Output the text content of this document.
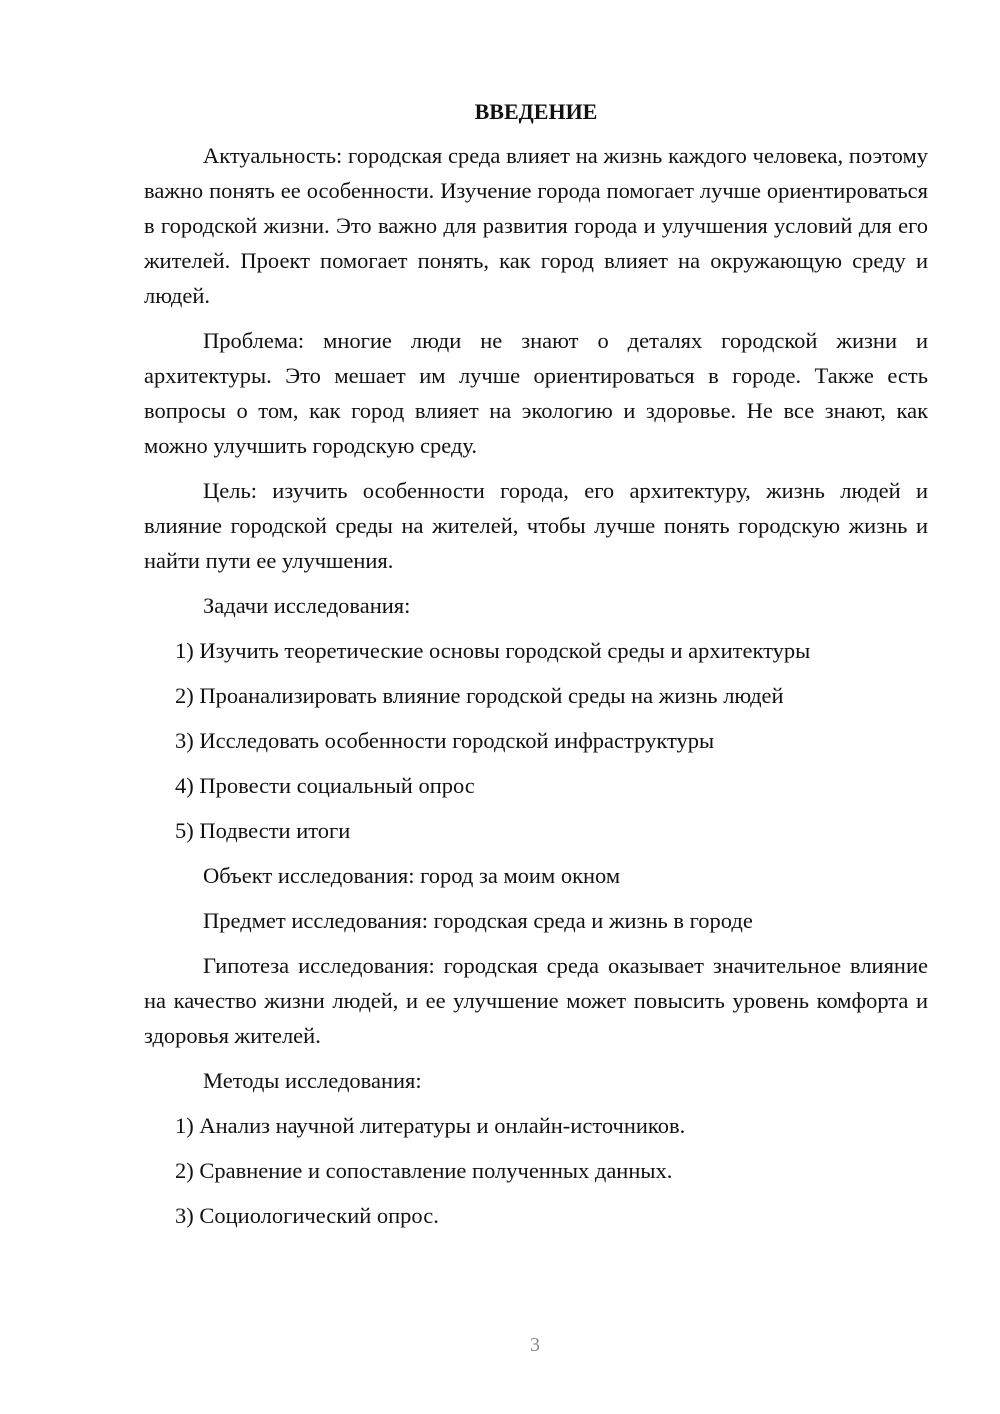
ВВЕДЕНИЕ

Актуальность: городская среда влияет на жизнь каждого человека, поэтому важно понять ее особенности. Изучение города помогает лучше ориентироваться в городской жизни. Это важно для развития города и улучшения условий для его жителей. Проект помогает понять, как город влияет на окружающую среду и людей.

Проблема: многие люди не знают о деталях городской жизни и архитектуры. Это мешает им лучше ориентироваться в городе. Также есть вопросы о том, как город влияет на экологию и здоровье. Не все знают, как можно улучшить городскую среду.

Цель: изучить особенности города, его архитектуру, жизнь людей и влияние городской среды на жителей, чтобы лучше понять городскую жизнь и найти пути ее улучшения.

Задачи исследования:

1) Изучить теоретические основы городской среды и архитектуры

2) Проанализировать влияние городской среды на жизнь людей

3) Исследовать особенности городской инфраструктуры

4) Провести социальный опрос

5) Подвести итоги

Объект исследования: город за моим окном

Предмет исследования: городская среда и жизнь в городе

Гипотеза исследования: городская среда оказывает значительное влияние на качество жизни людей, и ее улучшение может повысить уровень комфорта и здоровья жителей.

Методы исследования:

1) Анализ научной литературы и онлайн-источников.

2) Сравнение и сопоставление полученных данных.

3) Социологический опрос.

3
